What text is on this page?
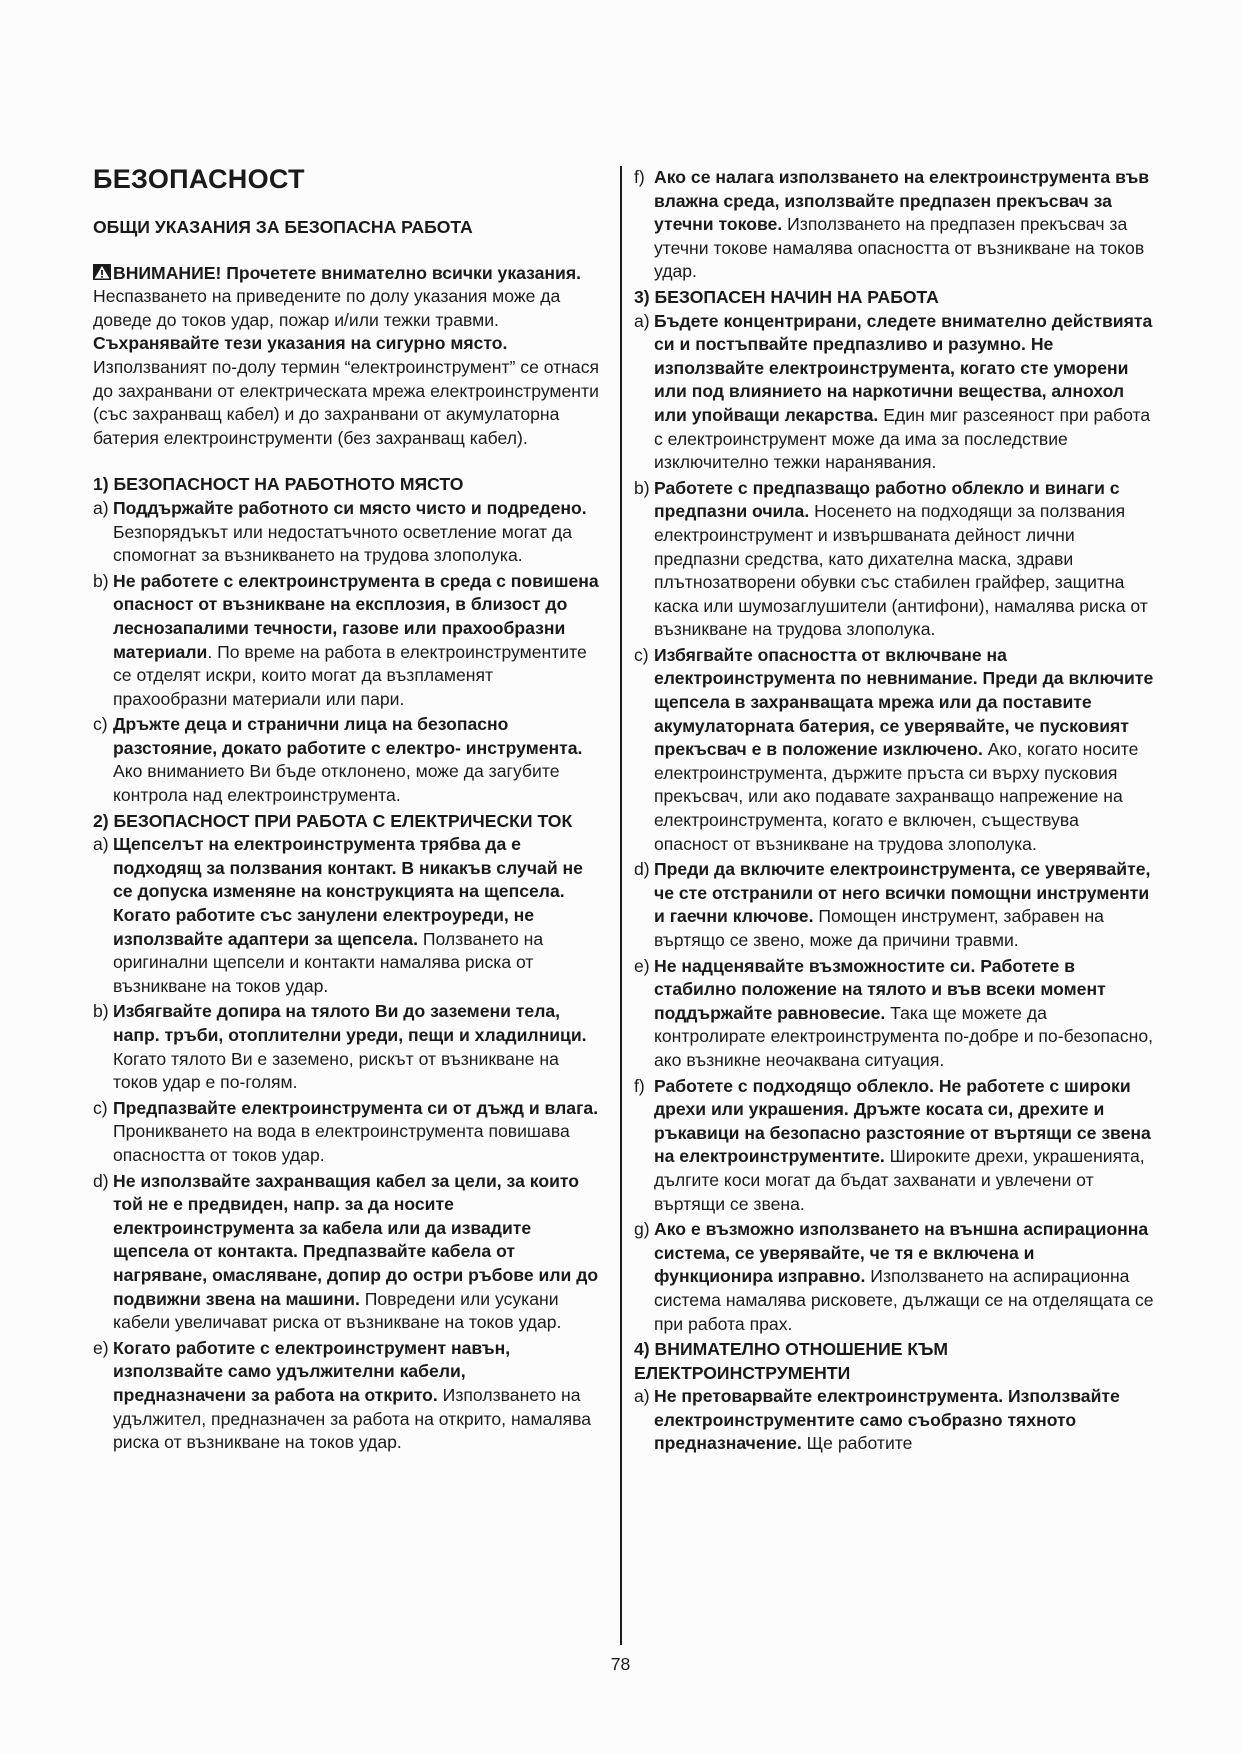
БЕЗОПАСНОСТ

ОБЩИ УКАЗАНИЯ ЗА БЕЗОПАСНА РАБОТА

ВНИМАНИЕ! Прочетете внимателно всички указания. Неспазването на приведените по долу указания може да доведе до токов удар, пожар и/или тежки травми. Съхранявайте тези указания на сигурно място. Използваният по-долу термин “електроинструмент” се отнася до захранвани от електрическата мрежа електроинструменти (със захранващ кабел) и до захранвани от акумулаторна батерия електроинструменти (без захранващ кабел).

1) БЕЗОПАСНОСТ НА РАБОТНОТО МЯСТО

a) Поддържайте работното си място чисто и подредено. Безпорядъкът или недостатъчното осветление могат да спомогнат за възникването на трудова злополука.
b) Не работете с електроинструмента в среда с повишена опасност от възникване на експлозия, в близост до леснозапалими течности, газове или прахообразни материали. По време на работа в електроинструментите се отделят искри, които могат да възпламенят прахообразни материали или пари.
c) Дръжте деца и странични лица на безопасно разстояние, докато работите с електро- инструмента. Ако вниманието Ви бъде отклонено, може да загубите контрола над електроинструмента.

2) БЕЗОПАСНОСТ ПРИ РАБОТА С ЕЛЕКТРИЧЕСКИ ТОК

a) Щепселът на електроинструмента трябва да е подходящ за ползвания контакт. В никакъв случай не се допуска изменяне на конструкцията на щепсела. Когато работите със занулени електроуреди, не използвайте адаптери за щепсела. Ползването на оригинални щепсели и контакти намалява риска от възникване на токов удар.
b) Избягвайте допира на тялото Ви до заземени тела, напр. тръби, отоплителни уреди, пещи и хладилници. Когато тялото Ви е заземено, рискът от възникване на токов удар е по-голям.
c) Предпазвайте електроинструмента си от дъжд и влага. Проникването на вода в електроинструмента повишава опасността от токов удар.
d) Не използвайте захранващия кабел за цели, за които той не е предвиден, напр. за да носите електроинструмента за кабела или да извадите щепсела от контакта. Предпазвайте кабела от нагряване, омасляване, допир до остри ръбове или до подвижни звена на машини. Повредени или усукани кабели увеличават риска от възникване на токов удар.
e) Когато работите с електроинструмент навън, използвайте само удължителни кабели, предназначени за работа на открито. Използването на удължител, предназначен за работа на открито, намалява риска от възникване на токов удар.
f) Ако се налага използването на електроинструмента във влажна среда, използвайте предпазен прекъсвач за утечни токове. Използването на предпазен прекъсвач за утечни токове намалява опасността от възникване на токов удар.

3) БЕЗОПАСЕН НАЧИН НА РАБОТА

a) Бъдете концентрирани, следете внимателно действията си и постъпвайте предпазливо и разумно. Не използвайте електроинструмента, когато сте уморени или под влиянието на наркотични вещества, алнохол или упойващи лекарства. Един миг разсеяност при работа с електроинструмент може да има за последствие изключително тежки наранявания.
b) Работете с предпазващо работно облекло и винаги с предпазни очила. Носенето на подходящи за ползвания електроинструмент и извършваната дейност лични предпазни средства, като дихателна маска, здрави плътнозатворени обувки със стабилен грайфер, защитна каска или шумозаглушители (антифони), намалява риска от възникване на трудова злополука.
c) Избягвайте опасността от включване на електроинструмента по невнимание. Преди да включите щепсела в захранващата мрежа или да поставите акумулаторната батерия, се уверявайте, че пусковият прекъсвач е в положение изключено. Ако, когато носите електроинструмента, държите пръста си върху пусковия прекъсвач, или ако подавате захранващо напрежение на електроинструмента, когато е включен, съществува опасност от възникване на трудова злополука.
d) Преди да включите електроинструмента, се уверявайте, че сте отстранили от него всички помощни инструменти и гаечни ключове. Помощен инструмент, забравен на въртящо се звено, може да причини травми.
e) Не надценявайте възможностите си. Работете в стабилно положение на тялото и във всеки момент поддържайте равновесие. Така ще можете да контролирате електроинструмента по-добре и по-безопасно, ако възникне неочаквана ситуация.
f) Работете с подходящо облекло. Не работете с широки дрехи или украшения. Дръжте косата си, дрехите и ръкавици на безопасно разстояние от въртящи се звена на електроинструментите. Широките дрехи, украшенията, дългите коси могат да бъдат захванати и увлечени от въртящи се звена.
g) Ако е възможно използването на външна аспирационна система, се уверявайте, че тя е включена и функционира изправно. Използването на аспирационна система намалява рисковете, дължащи се на отделящата се при работа прах.

4) ВНИМАТЕЛНО ОТНОШЕНИЕ КЪМ ЕЛЕКТРОИНСТРУМЕНТИ

a) Не претоварвайте електроинструмента. Използвайте електроинструментите само съобразно тяхното предназначение. Ще работите
78
